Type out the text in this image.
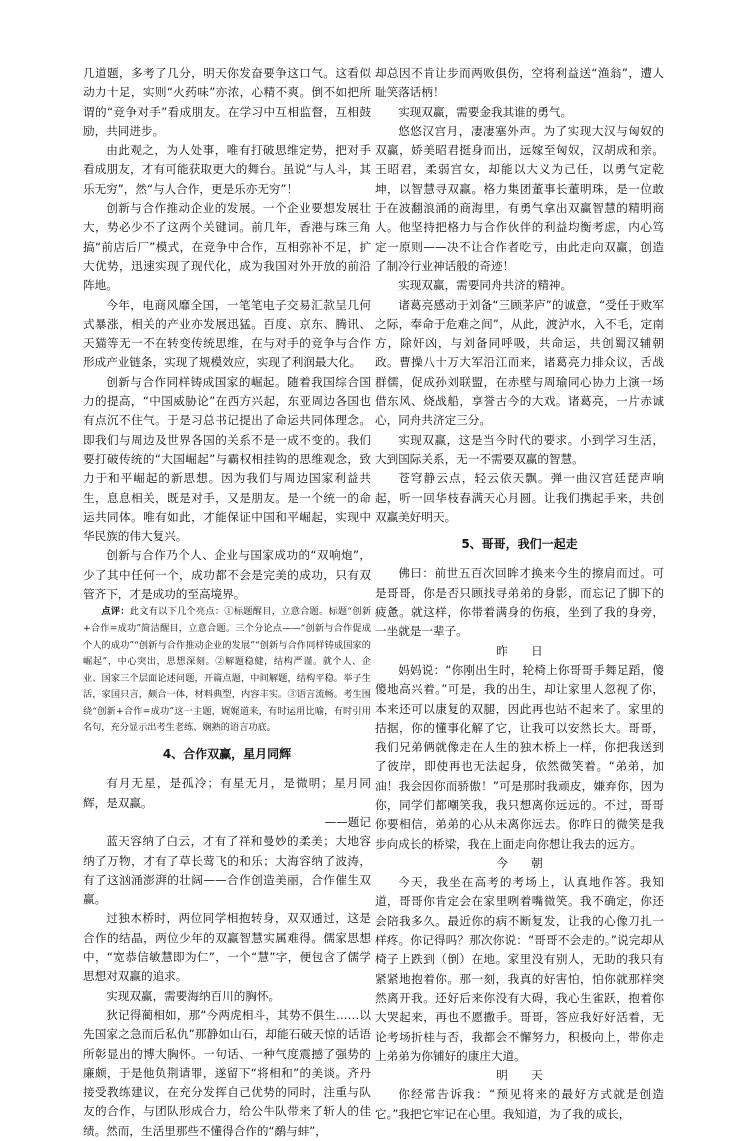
几道题，多考了几分，明天你发奋要争这口气。这看似动力十足，实则“火药味”亦浓，心精不爽。倒不如把所谓的“竞争对手”看成朋友。在学习中互相监督，互相鼓励，共同进步。

由此观之，为人处事，唯有打破思维定势，把对手看成朋友，才有可能获取更大的舞台。虽说“与人斗，其乐无穷”，然“与人合作，更是乐亦无穷”！

创新与合作推动企业的发展。一个企业要想发展壮大，势必少不了这两个关键词。前几年，香港与珠三角搞“前店后厂”模式，在竞争中合作，互相弥补不足，扩大优势，迅速实现了现代化，成为我国对外开放的前沿阵地。

今年，电商风靡全国，一笔笔电子交易汇款呈几何式暴涨，相关的产业亦发展迅猛。百度、京东、腾讯、天猫等无一不在转变传统思维，在与对手的竞争与合作形成产业链条，实现了规模效应，实现了利润最大化。

创新与合作同样铸成国家的崛起。随着我国综合国力的提高，“中国威胁论”在西方兴起，东亚周边各国也有点沉不住气。于是习总书记提出了命运共同体理念。即我们与周边及世界各国的关系不是一成不变的。我们要打破传统的“大国崛起”与霸权相挂钩的思维观念，致力于和平崛起的新思想。因为我们与周边国家利益共生，息息相关，既是对手，又是朋友。是一个统一的命运共同体。唯有如此，才能保证中国和平崛起，实现中华民族的伟大复兴。

创新与合作乃个人、企业与国家成功的“双响炮”，少了其中任何一个，成功都不会是完美的成功，只有双管齐下，才是成功的至高境界。

点评：此文有以下几个亮点：①标题醒目，立意合题。标题“创新+合作=成功”简洁醒目，立意合题。三个分论点——“创新与合作促成个人的成功”“创新与合作推动企业的发展”“创新与合作同样铸成国家的崛起”，中心突出，思想深刻。②解题稳健，结构严谨。就个人、企业、国家三个层面论述问题，开篇点题，中间解题，结构平稳。举子生活，家国只言，颇合一体，材料典型，内容丰实。③语言流畅。考生围绕“创新+合作=成功”这一主题，娓娓道来，有时运用比喻，有时引用名句，充分显示出考生老练、娴熟的语言功底。

4、合作双赢，星月同辉

有月无星，是孤冷；有星无月，是微明；星月同辉，是双赢。

——题记

蓝天容纳了白云，才有了祥和曼妙的柔美；大地容纳了万物，才有了草长莺飞的和乐；大海容纳了波涛，有了这汹涌澎湃的壮阔——合作创造美丽，合作催生双赢。

过独木桥时，两位同学相抱转身，双双通过，这是合作的结晶，两位少年的双赢智慧实属难得。儒家思想中，“宽恭信敏慧即为仁”，一个“慧”字，便包含了儒学思想对双赢的追求。

实现双赢，需要海纳百川的胸怀。

狄记得蔺相如，那“今两虎相斗，其势不俱生……以先国家之急而后私仇”那静如山石，却能石破天惊的话语所彰显出的博大胸怀。一句话、一种气度震撼了强势的廉颇，于是他负荆请罪，遂留下“将相和”的美谈。齐丹接受教练建议，在充分发挥自己优势的同时，注重与队友的合作，与团队形成合力，给公牛队带来了斩人的佳绩。然而，生活里那些不懂得合作的“鹬与蚌”，

却总因不肯让步而两败俱伤，空将利益送“渔翁”，遭人耻笑落话柄！

实现双赢，需要金我其谁的勇气。

悠悠汉宫月，凄凄塞外声。为了实现大汉与匈奴的双赢，娇美昭君挺身而出，远嫁至匈奴，汉胡成和亲。王昭君，柔弱宫女，却能以大义为己任，以勇气定乾坤，以智慧寻双赢。格力集团董事长董明珠，是一位敢于在波翻浪涌的商海里，有勇气拿出双赢智慧的精明商人。他坚持把格力与合作伙伴的利益均衡考虑，内心笃定一原则——决不让合作者吃亏，由此走向双赢，创造了制冷行业神话般的奇迹！

实现双赢，需要同舟共济的精神。

诸葛亮感动于刘备“三顾茅庐”的诚意，“受任于败军之际，奉命于危难之间”，从此，渡泸水，入不毛，定南方，除奸凶，与刘备同呼吸，共命运，共创蜀汉辅朝政。曹操八十万大军沿江而来，诸葛亮力排众议，舌战群儒，促成孙刘联盟，在赤壁与周瑜同心协力上演一场借东风、烧战船，享誉古今的大戏。诸葛亮，一片赤诚心，同舟共济定三分。

实现双赢，这是当今时代的要求。小到学习生活，大到国际关系，无一不需要双赢的智慧。

苍穹静云点，轻云依天飘。弹一曲汉宫廷琵声响起，听一回华枝春满天心月圆。让我们携起手来，共创双赢美好明天。

5、哥哥，我们一起走

佛曰：前世五百次回眸才换来今生的擦肩而过。可是哥哥，你是否只顾找寻弟弟的身影，而忘记了脚下的疲惫。就这样，你带着满身的伤痕，坐到了我的身旁，一坐就是一辈子。

昨日

妈妈说：“你刚出生时，轮椅上你哥哥手舞足蹈，傻傻地高兴着。”可是，我的出生，却让家里人忽视了你，本来还可以康复的双腿，因此再也站不起来了。家里的拮据，你的懂事化解了它，让我可以安然长大。哥哥，我们兄弟俩就像走在人生的独木桥上一样，你把我送到了彼岸，即使再也无法起身，依然微笑着。“弟弟，加油！我会因你而骄傲！”可是那时我顽皮，嫌弃你，因为你，同学们都嘲笑我，我只想离你远远的。不过，哥哥你要相信，弟弟的心从未离你远去。你昨日的微笑是我步向成长的桥梁，我在上面走向你想让我去的远方。

今朝

今天，我坐在高考的考场上，认真地作答。我知道，哥哥你肯定会在家里咧着嘴微笑。我不确定，你还会陪我多久。最近你的病不断复发，让我的心像刀扎一样疼。你记得吗？那次你说：“哥哥不会走的。”说完却从椅子上跌到（倒）在地。家里没有别人，无助的我只有紧紧地抱着你。那一刻，我真的好害怕，怕你就那样突然离开我。还好后来你没有大碍，我心生雀跃，抱着你大哭起来，再也不愿撒手。哥哥，答应我好好活着，无论考场折桂与否，我都会不懈努力，积极向上，带你走上弟弟为你铺好的康庄大道。

明天

你经常告诉我：“预见将来的最好方式就是创造它。”我把它牢记在心里。我知道，为了我的成长，
